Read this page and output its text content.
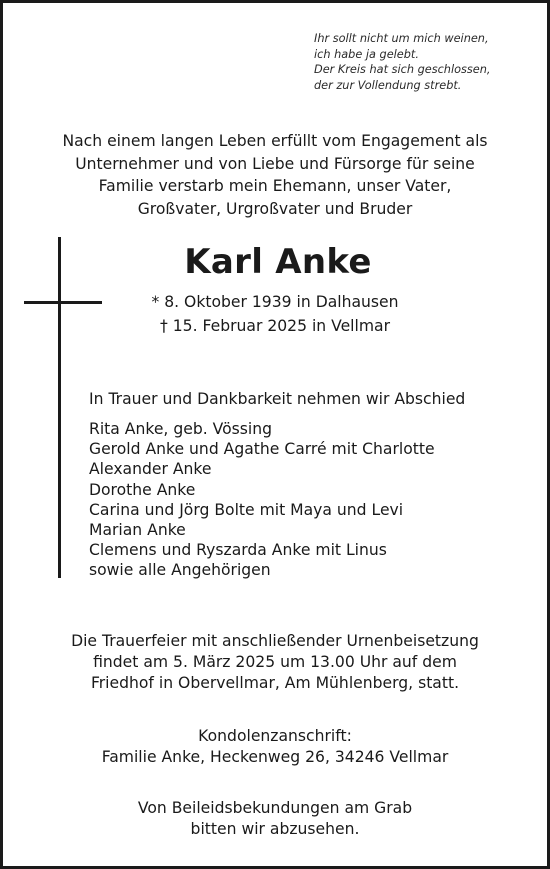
Ihr sollt nicht um mich weinen,
ich habe ja gelebt.
Der Kreis hat sich geschlossen,
der zur Vollendung strebt.
Nach einem langen Leben erfüllt vom Engagement als
Unternehmer und von Liebe und Fürsorge für seine
Familie verstarb mein Ehemann, unser Vater,
Großvater, Urgroßvater und Bruder
Karl Anke
* 8. Oktober 1939 in Dalhausen
† 15. Februar 2025 in Vellmar
In Trauer und Dankbarkeit nehmen wir Abschied
Rita Anke, geb. Vössing
Gerold Anke und Agathe Carré mit Charlotte
Alexander Anke
Dorothe Anke
Carina und Jörg Bolte mit Maya und Levi
Marian Anke
Clemens und Ryszarda Anke mit Linus
sowie alle Angehörigen
Die Trauerfeier mit anschließender Urnenbeisetzung
findet am 5. März 2025 um 13.00 Uhr auf dem
Friedhof in Obervellmar, Am Mühlenberg, statt.
Kondolenzanschrift:
Familie Anke, Heckenweg 26, 34246 Vellmar
Von Beileidsbekundungen am Grab
bitten wir abzusehen.
